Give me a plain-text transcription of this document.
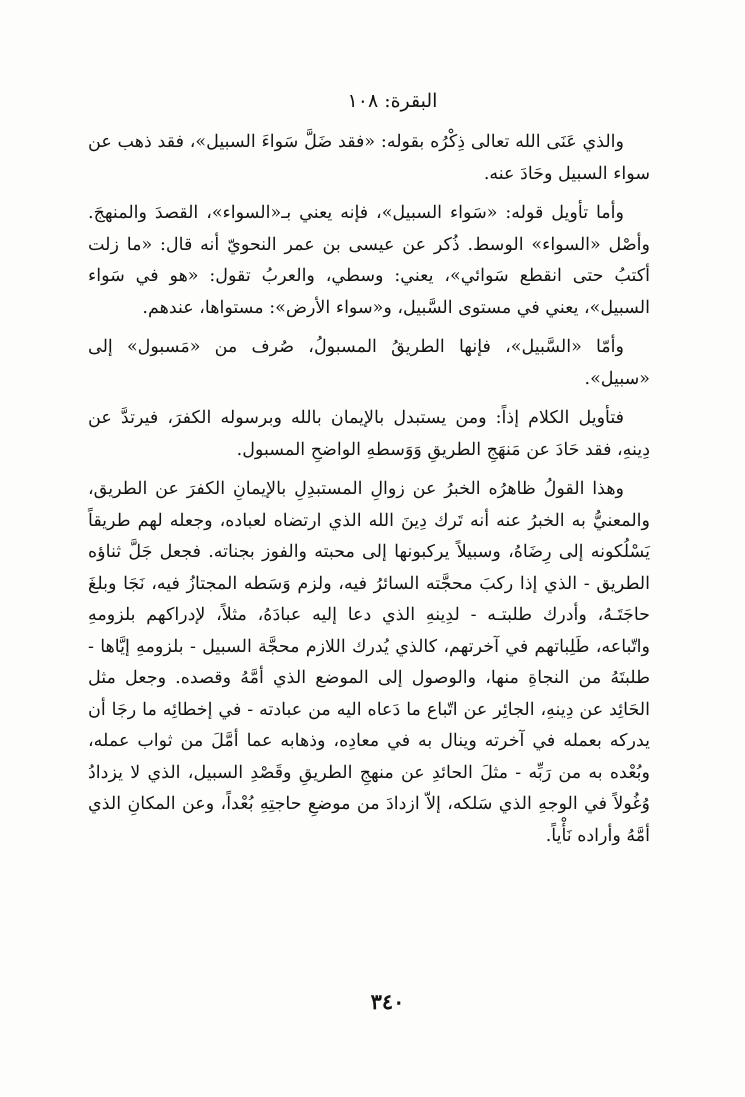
البقرة: ١٠٨

والذي عَنَى الله تعالى ذِكْرُه بقوله: «فقد ضَلَّ سَواءَ السبيل»، فقد ذهب عن سواء السبيل وحَادَ عنه.

وأما تأويل قوله: «سَواء السبيل»، فإنه يعني بـ«السواء»، القصدَ والمنهجَ. وأصْل «السواء» الوسط. ذُكر عن عيسى بن عمر النحويّ أنه قال: «ما زلت أكتبُ حتى انقطع سَوائي»، يعني: وسطي، والعربُ تقول: «هو في سَواء السبيل»، يعني في مستوى السَّبيل، و«سواء الأرض»: مستواها، عندهم.

وأمّا «السَّبيل»، فإنها الطريقُ المسبولُ، صُرف من «مَسبول» إلى «سبيل».

فتأويل الكلام إذاً: ومن يستبدل بالإيمان بالله وبرسوله الكفرَ، فيرتدَّ عن دِينهِ، فقد حَادَ عن مَنهَجِ الطريقِ وَوَسطهِ الواضحِ المسبول.

وهذا القولُ ظاهرُه الخبرُ عن زوالِ المستبدِلِ بالإيمانِ الكفرَ عن الطريق، والمعنيُّ به الخبرُ عنه أنه تَرك دِينَ الله الذي ارتضاه لعباده، وجعله لهم طريقاً يَسْلُكونه إلى رِضَاهُ، وسبيلاً يركبونها إلى محبته والفوز بجناته. فجعل جَلَّ ثناؤه الطريق - الذي إذا ركبَ محجَّته السائرُ فيه، ولزم وَسَطه المجتازُ فيه، نَجَا وبلغَ حاجَتَـهُ، وأدرك طلبتـه - لدِينهِ الذي دعا إليه عبادَهُ، مثلاً، لإدراكهم بلزومهِ واتّباعه، طَلِباتهم في آخرتهم، كالذي يُدرك اللازم محجَّة السبيل - بلزومهِ إيَّاها - طلبتَهُ من النجاةِ منها، والوصول إلى الموضع الذي أمَّهُ وقصده. وجعل مثل الحَائِد عن دِينهِ، الجائِر عن اتّباع ما دَعاه اليه من عبادته - في إخطائِه ما رجَا أن يدركه بعمله في آخرته وينال به في معادِه، وذهابه عما أمَّلَ من ثواب عمله، وبُعْده به من رَبِّه - مثلَ الحائدِ عن منهجِ الطريقِ وقَصْدِ السبيل، الذي لا يزدادُ وُغُولاً في الوجهِ الذي سَلكه، إلاّ ازدادَ من موضعِ حاجتِهِ بُعْداً، وعن المكانِ الذي أمَّهُ وأراده نَأْياً.

٣٤٠
